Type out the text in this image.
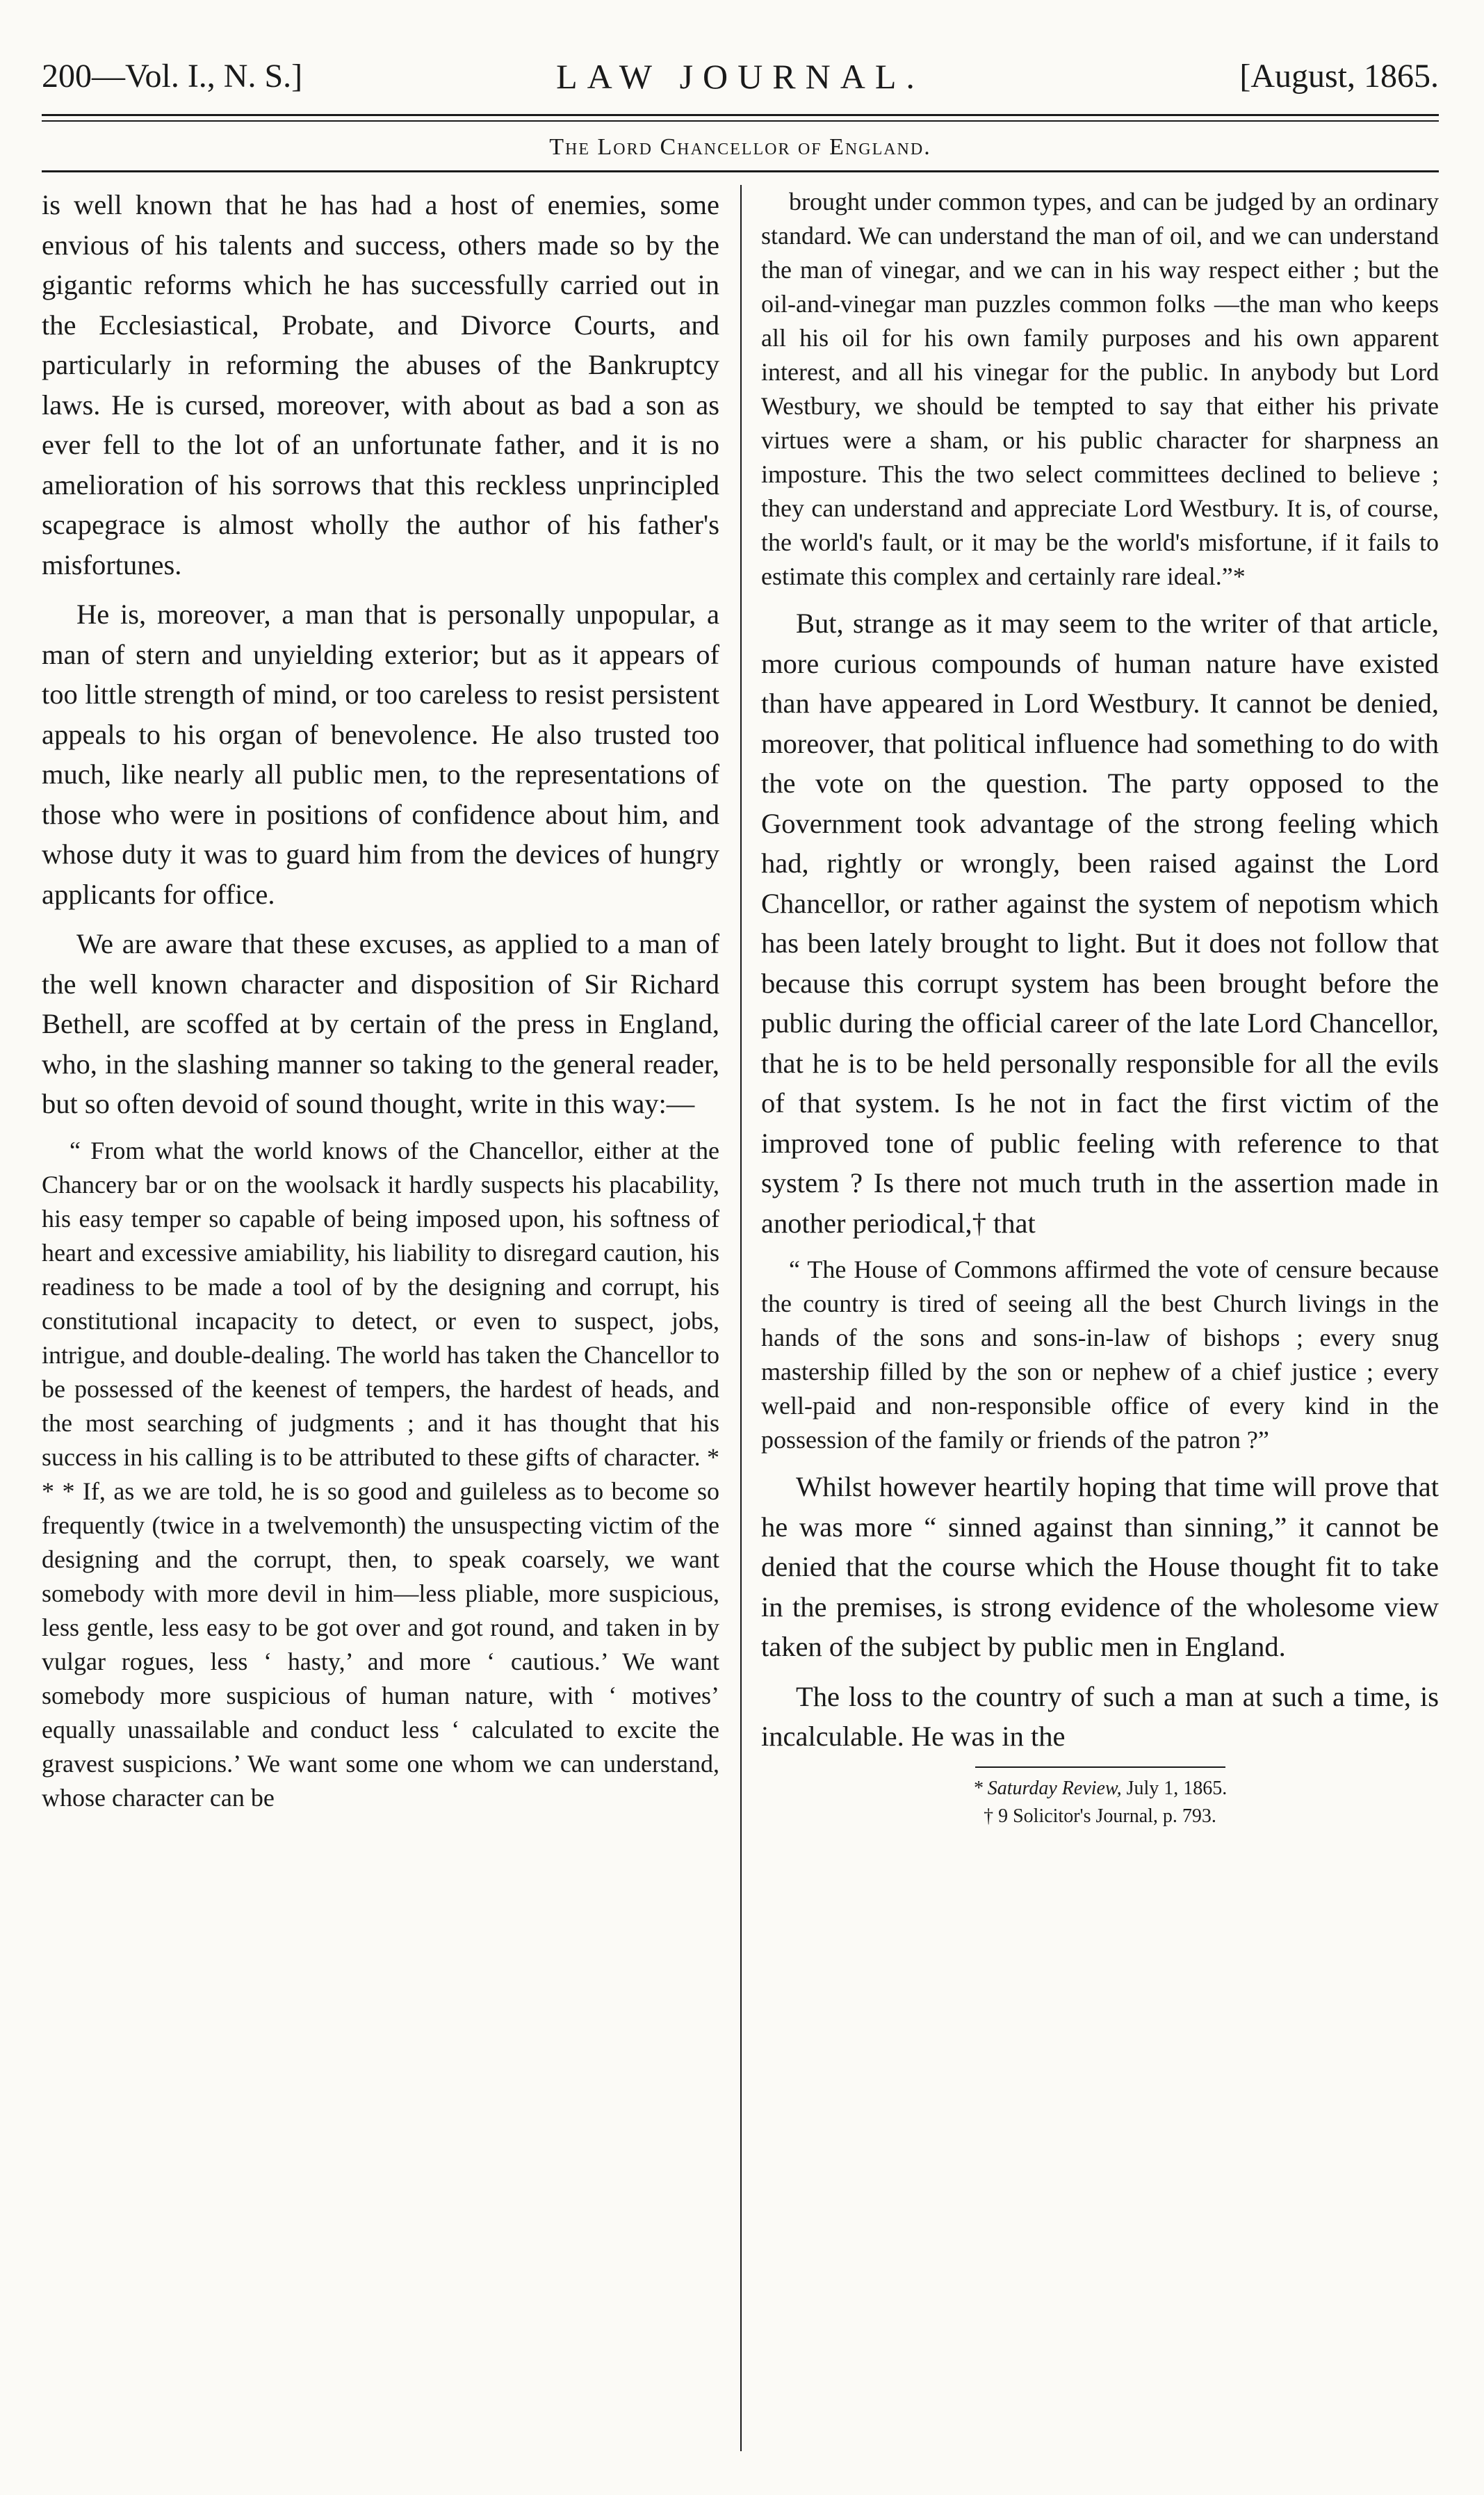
200—Vol. I., N. S.]	LAW JOURNAL.	[August, 1865.
The Lord Chancellor of England.

is well known that he has had a host of enemies, some envious of his talents and success, others made so by the gigantic reforms which he has successfully carried out in the Ecclesiastical, Probate, and Divorce Courts, and particularly in reforming the abuses of the Bankruptcy laws. He is cursed, moreover, with about as bad a son as ever fell to the lot of an unfortunate father, and it is no amelioration of his sorrows that this reckless unprincipled scapegrace is almost wholly the author of his father's misfortunes.

He is, moreover, a man that is personally unpopular, a man of stern and unyielding exterior; but as it appears of too little strength of mind, or too careless to resist persistent appeals to his organ of benevolence. He also trusted too much, like nearly all public men, to the representations of those who were in positions of confidence about him, and whose duty it was to guard him from the devices of hungry applicants for office.

We are aware that these excuses, as applied to a man of the well known character and disposition of Sir Richard Bethell, are scoffed at by certain of the press in England, who, in the slashing manner so taking to the general reader, but so often devoid of sound thought, write in this way:—

“ From what the world knows of the Chancellor, either at the Chancery bar or on the woolsack it hardly suspects his placability, his easy temper so capable of being imposed upon, his softness of heart and excessive amiability, his liability to disregard caution, his readiness to be made a tool of by the designing and corrupt, his constitutional incapacity to detect, or even to suspect, jobs, intrigue, and double-dealing. The world has taken the Chancellor to be possessed of the keenest of tempers, the hardest of heads, and the most searching of judgments ; and it has thought that his success in his calling is to be attributed to these gifts of character. * * * If, as we are told, he is so good and guileless as to become so frequently (twice in a twelvemonth) the unsuspecting victim of the designing and the corrupt, then, to speak coarsely, we want somebody with more devil in him—less pliable, more suspicious, less gentle, less easy to be got over and got round, and taken in by vulgar rogues, less ‘ hasty,’ and more ‘ cautious.’ We want somebody more suspicious of human nature, with ‘ motives’ equally unassailable and conduct less ‘ calculated to excite the gravest suspicions.’ We want some one whom we can understand, whose character can be

brought under common types, and can be judged by an ordinary standard. We can understand the man of oil, and we can understand the man of vinegar, and we can in his way respect either ; but the oil-and-vinegar man puzzles common folks —the man who keeps all his oil for his own family purposes and his own apparent interest, and all his vinegar for the public. In anybody but Lord Westbury, we should be tempted to say that either his private virtues were a sham, or his public character for sharpness an imposture. This the two select committees declined to believe ; they can understand and appreciate Lord Westbury. It is, of course, the world's fault, or it may be the world's misfortune, if it fails to estimate this complex and certainly rare ideal.”*

But, strange as it may seem to the writer of that article, more curious compounds of human nature have existed than have appeared in Lord Westbury. It cannot be denied, moreover, that political influence had something to do with the vote on the question. The party opposed to the Government took advantage of the strong feeling which had, rightly or wrongly, been raised against the Lord Chancellor, or rather against the system of nepotism which has been lately brought to light. But it does not follow that because this corrupt system has been brought before the public during the official career of the late Lord Chancellor, that he is to be held personally responsible for all the evils of that system. Is he not in fact the first victim of the improved tone of public feeling with reference to that system ? Is there not much truth in the assertion made in another periodical,† that

“ The House of Commons affirmed the vote of censure because the country is tired of seeing all the best Church livings in the hands of the sons and sons-in-law of bishops ; every snug mastership filled by the son or nephew of a chief justice ; every well-paid and non-responsible office of every kind in the possession of the family or friends of the patron ?”

Whilst however heartily hoping that time will prove that he was more “ sinned against than sinning,” it cannot be denied that the course which the House thought fit to take in the premises, is strong evidence of the wholesome view taken of the subject by public men in England.

The loss to the country of such a man at such a time, is incalculable. He was in the

* Saturday Review, July 1, 1865.
† 9 Solicitor's Journal, p. 793.
